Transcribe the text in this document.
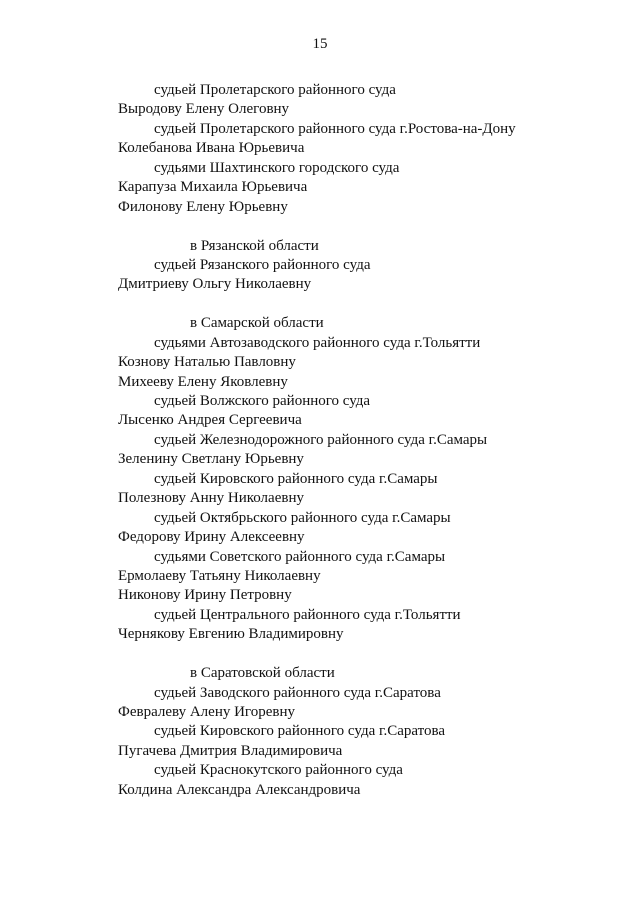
15
судьей Пролетарского районного суда
Выродову Елену Олеговну
судьей Пролетарского районного суда г.Ростова-на-Дону
Колебанова Ивана Юрьевича
судьями Шахтинского городского суда
Карапуза Михаила Юрьевича
Филонову Елену Юрьевну
в Рязанской области
судьей Рязанского районного суда
Дмитриеву Ольгу Николаевну
в Самарской области
судьями Автозаводского районного суда г.Тольятти
Кознову Наталью Павловну
Михееву Елену Яковлевну
судьей Волжского районного суда
Лысенко Андрея Сергеевича
судьей Железнодорожного районного суда г.Самары
Зеленину Светлану Юрьевну
судьей Кировского районного суда г.Самары
Полезнову Анну Николаевну
судьей Октябрьского районного суда г.Самары
Федорову Ирину Алексеевну
судьями Советского районного суда г.Самары
Ермолаеву Татьяну Николаевну
Никонову Ирину Петровну
судьей Центрального районного суда г.Тольятти
Чернякову Евгению Владимировну
в Саратовской области
судьей Заводского районного суда г.Саратова
Февралеву Алену Игоревну
судьей Кировского районного суда г.Саратова
Пугачева Дмитрия Владимировича
судьей Краснокутского районного суда
Колдина Александра Александровича
